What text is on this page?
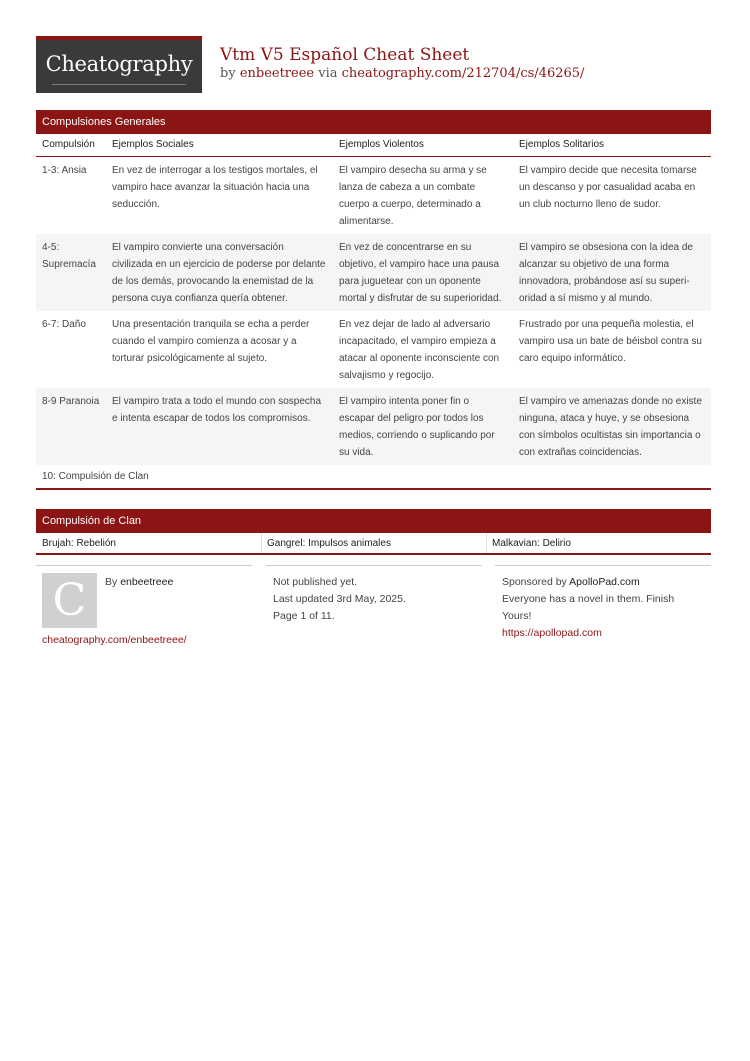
Cheatography	Vtm V5 Español Cheat Sheet
by enbeetreee via cheatography.com/212704/cs/46265/
Compulsiones Generales
Compulsión	Ejemplos Sociales	Ejemplos Violentos	Ejemplos Solitarios
1-3: Ansia	En vez de interrogar a los testigos mortales, el vampiro hace avanzar la situación hacia una seducción.	El vampiro desecha su arma y se lanza de cabeza a un combate cuerpo a cuerpo, determinado a alimentarse.	El vampiro decide que necesita tomarse un descanso y por casualidad acaba en un club nocturno lleno de sudor.
4-5: Supremacía	El vampiro convierte una conversación civilizada en un ejercicio de poderse por delante de los demás, provocando la enemistad de la persona cuya confianza quería obtener.	En vez de concentrarse en su objetivo, el vampiro hace una pausa para juguetear con un oponente mortal y disfrutar de su superioridad.	El vampiro se obsesiona con la idea de alcanzar su objetivo de una forma innovadora, probándose así su superioridad a sí mismo y al mundo.
6-7: Daño	Una presentación tranquila se echa a perder cuando el vampiro comienza a acosar y a torturar psicológicamente al sujeto.	En vez dejar de lado al adversario incapacitado, el vampiro empieza a atacar al oponente inconsciente con salvajismo y regocijo.	Frustrado por una pequeña molestia, el vampiro usa un bate de béisbol contra su caro equipo informático.
8-9 Paranoia	El vampiro trata a todo el mundo con sospecha e intenta escapar de todos los compromisos.	El vampiro intenta poner fin o escapar del peligro por todos los medios, corriendo o suplicando por su vida.	El vampiro ve amenazas donde no existe ninguna, ataca y huye, y se obsesiona con símbolos ocultistas sin importancia o con extrañas coincidencias.
10: Compulsión de Clan			
Compulsión de Clan
Brujah: Rebelión	Gangrel: Impulsos animales	Malkavian: Delirio
C	By enbeetreee
cheatography.com/enbeetreee/
Not published yet.
Last updated 3rd May, 2025.
Page 1 of 11.
Sponsored by ApolloPad.com
Everyone has a novel in them. Finish Yours!
https://apollopad.com
